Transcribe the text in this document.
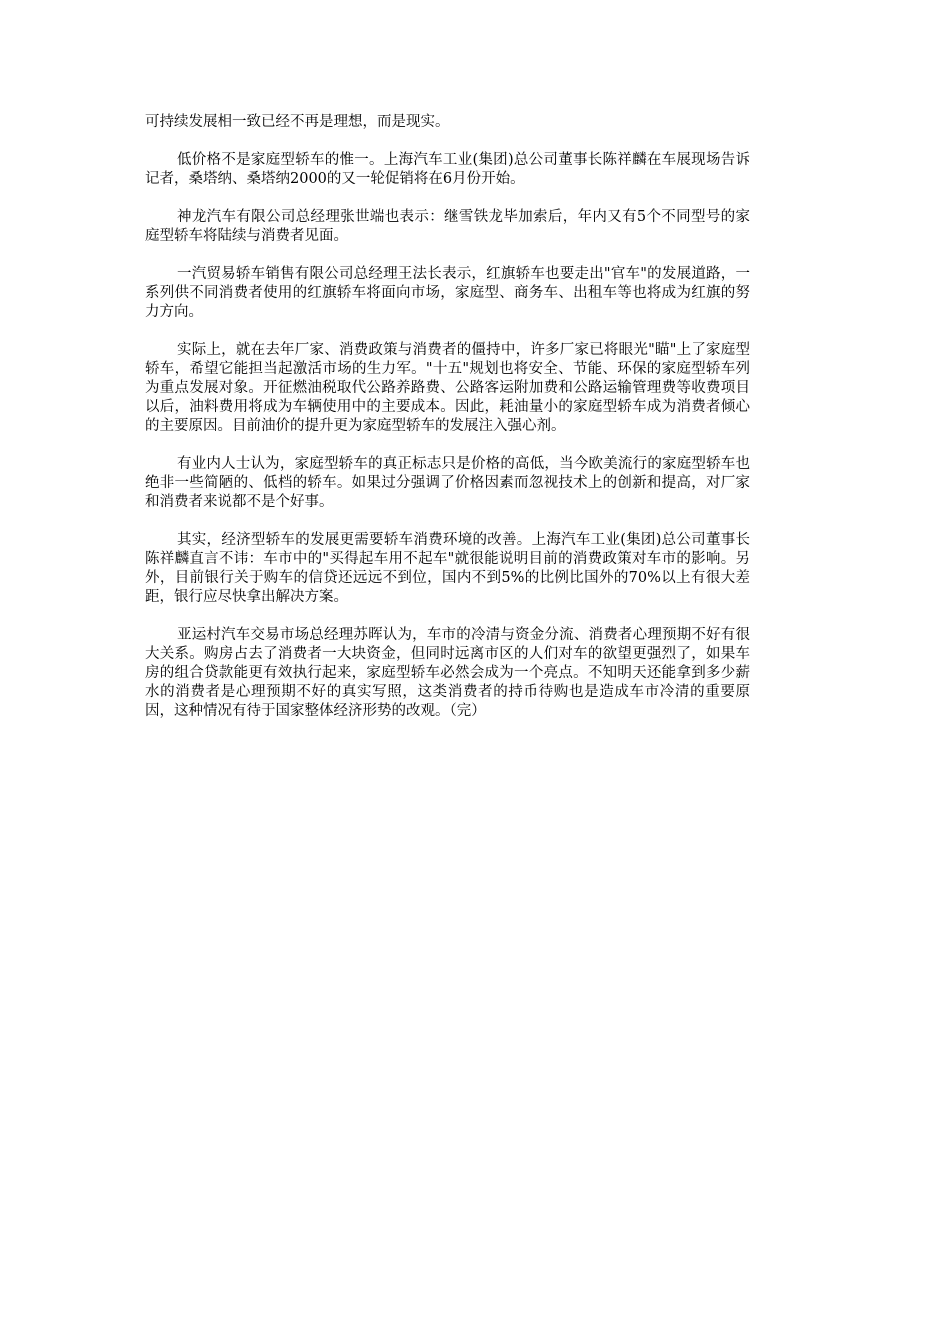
可持续发展相一致已经不再是理想，而是现实。

低价格不是家庭型轿车的惟一。上海汽车工业(集团)总公司董事长陈祥麟在车展现场告诉记者，桑塔纳、桑塔纳2000的又一轮促销将在6月份开始。

神龙汽车有限公司总经理张世端也表示：继雪铁龙毕加索后，年内又有5个不同型号的家庭型轿车将陆续与消费者见面。

一汽贸易轿车销售有限公司总经理王法长表示，红旗轿车也要走出"官车"的发展道路，一系列供不同消费者使用的红旗轿车将面向市场，家庭型、商务车、出租车等也将成为红旗的努力方向。

实际上，就在去年厂家、消费政策与消费者的僵持中，许多厂家已将眼光"瞄"上了家庭型轿车，希望它能担当起激活市场的生力军。"十五"规划也将安全、节能、环保的家庭型轿车列为重点发展对象。开征燃油税取代公路养路费、公路客运附加费和公路运输管理费等收费项目以后，油料费用将成为车辆使用中的主要成本。因此，耗油量小的家庭型轿车成为消费者倾心的主要原因。目前油价的提升更为家庭型轿车的发展注入强心剂。

有业内人士认为，家庭型轿车的真正标志只是价格的高低，当今欧美流行的家庭型轿车也绝非一些简陋的、低档的轿车。如果过分强调了价格因素而忽视技术上的创新和提高，对厂家和消费者来说都不是个好事。

其实，经济型轿车的发展更需要轿车消费环境的改善。上海汽车工业(集团)总公司董事长陈祥麟直言不讳：车市中的"买得起车用不起车"就很能说明目前的消费政策对车市的影响。另外，目前银行关于购车的信贷还远远不到位，国内不到5%的比例比国外的70%以上有很大差距，银行应尽快拿出解决方案。

亚运村汽车交易市场总经理苏晖认为，车市的冷清与资金分流、消费者心理预期不好有很大关系。购房占去了消费者一大块资金，但同时远离市区的人们对车的欲望更强烈了，如果车房的组合贷款能更有效执行起来，家庭型轿车必然会成为一个亮点。不知明天还能拿到多少薪水的消费者是心理预期不好的真实写照，这类消费者的持币待购也是造成车市冷清的重要原因，这种情况有待于国家整体经济形势的改观。（完）
